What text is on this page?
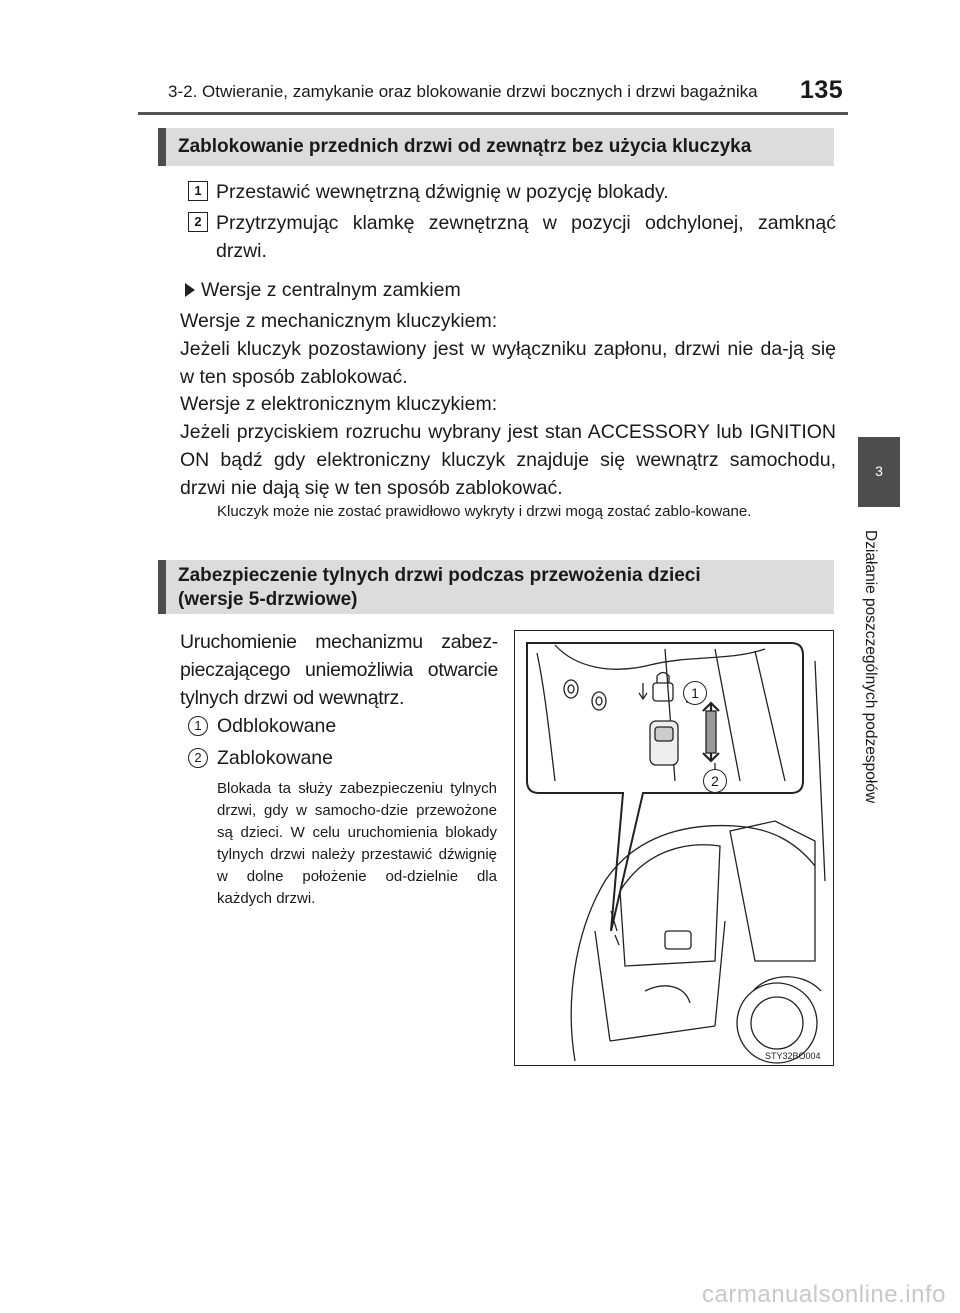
3-2. Otwieranie, zamykanie oraz blokowanie drzwi bocznych i drzwi bagażnika 135
3
Działanie poszczególnych podzespołów
Zablokowanie przednich drzwi od zewnątrz bez użycia kluczyka
1 Przestawić wewnętrzną dźwignię w pozycję blokady.
2 Przytrzymując klamkę zewnętrzną w pozycji odchylonej, zamknąć drzwi.
Wersje z centralnym zamkiem
Wersje z mechanicznym kluczykiem:
Jeżeli kluczyk pozostawiony jest w wyłączniku zapłonu, drzwi nie da-ją się w ten sposób zablokować.
Wersje z elektronicznym kluczykiem:
Jeżeli przyciskiem rozruchu wybrany jest stan ACCESSORY lub IGNITION ON bądź gdy elektroniczny kluczyk znajduje się wewnątrz samochodu, drzwi nie dają się w ten sposób zablokować.
Kluczyk może nie zostać prawidłowo wykryty i drzwi mogą zostać zablo-kowane.
Zabezpieczenie tylnych drzwi podczas przewożenia dzieci
(wersje 5-drzwiowe)
Uruchomienie mechanizmu zabez-pieczającego uniemożliwia otwarcie tylnych drzwi od wewnątrz.
1 Odblokowane
2 Zablokowane
Blokada ta służy zabezpieczeniu tylnych drzwi, gdy w samocho-dzie przewożone są dzieci. W celu uruchomienia blokady tylnych drzwi należy przestawić dźwignię w dolne położenie od-dzielnie dla każdych drzwi.
1
2
STY32BO004
carmanualsonline.info
